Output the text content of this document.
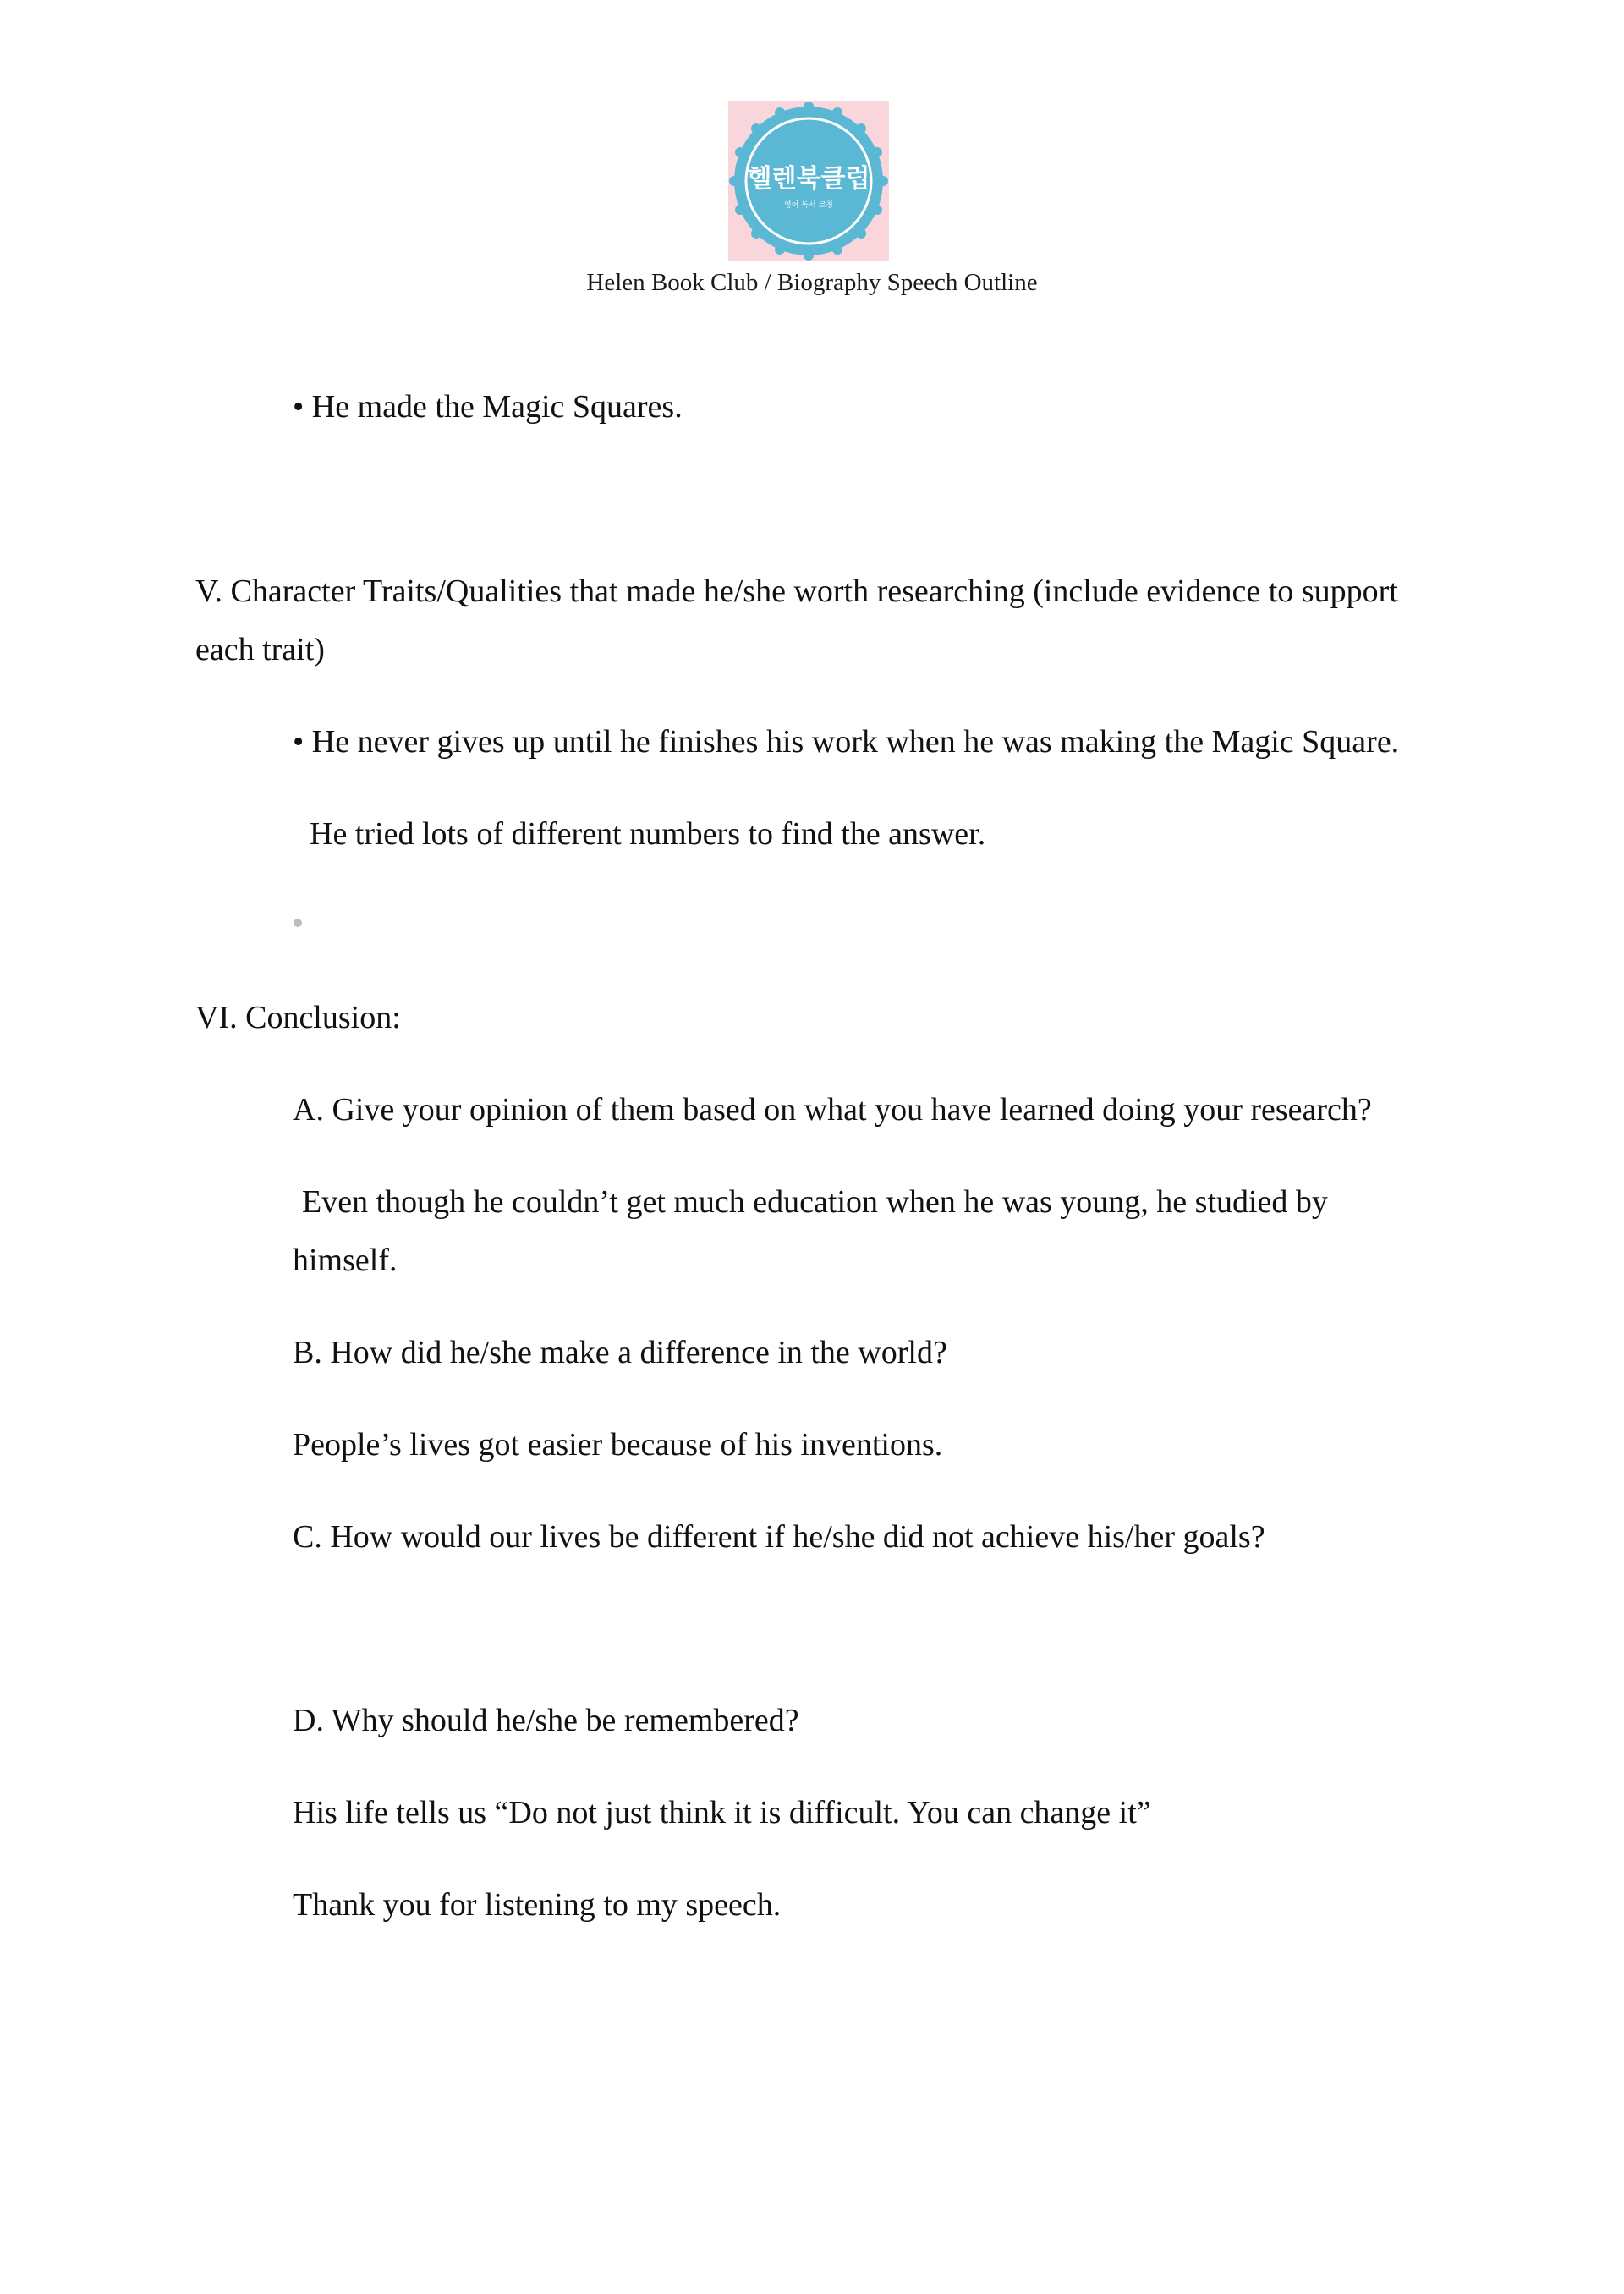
헬렌북클럽
영어 독서 코칭
Helen Book Club / Biography Speech Outline
• He made the Magic Squares.
V. Character Traits/Qualities that made he/she worth researching (include evidence to support
each trait)
• He never gives up until he finishes his work when he was making the Magic Square.
He tried lots of different numbers to find the answer.
VI. Conclusion:
A. Give your opinion of them based on what you have learned doing your research?
Even though he couldn’t get much education when he was young, he studied by
himself.
B. How did he/she make a difference in the world?
People’s lives got easier because of his inventions.
C. How would our lives be different if he/she did not achieve his/her goals?
D. Why should he/she be remembered?
His life tells us “Do not just think it is difficult. You can change it”
Thank you for listening to my speech.
